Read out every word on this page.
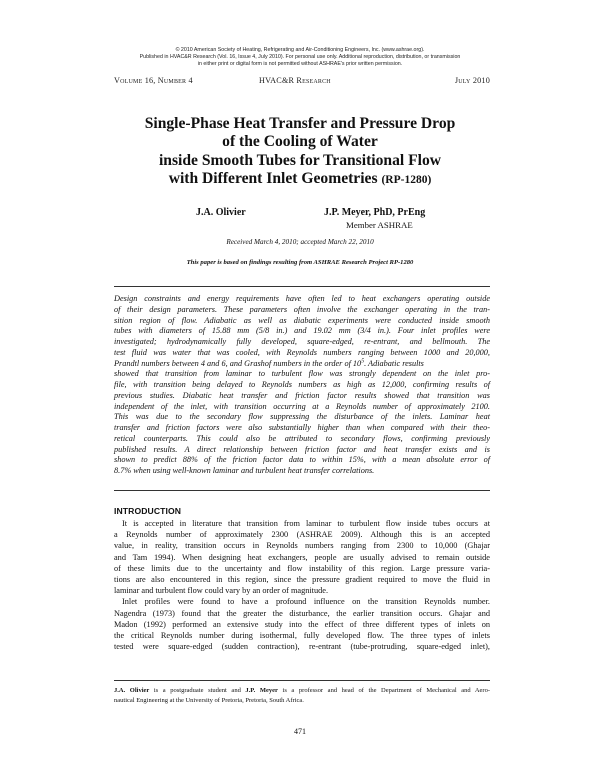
© 2010 American Society of Heating, Refrigerating and Air-Conditioning Engineers, Inc. (www.ashrae.org).
Published in HVAC&R Research (Vol. 16, Issue 4, July 2010). For personal use only. Additional reproduction, distribution, or transmission
in either print or digital form is not permitted without ASHRAE's prior written permission.
Volume 16, Number 4	HVAC&R Research	July 2010
Single-Phase Heat Transfer and Pressure Drop
of the Cooling of Water
inside Smooth Tubes for Transitional Flow
with Different Inlet Geometries (RP-1280)
J.A. Olivier	J.P. Meyer, PhD, PrEng
Member ASHRAE
Received March 4, 2010; accepted March 22, 2010
This paper is based on findings resulting from ASHRAE Research Project RP-1280
Design constraints and energy requirements have often led to heat exchangers operating outside
of their design parameters. These parameters often involve the exchanger operating in the tran-
sition region of flow. Adiabatic as well as diabatic experiments were conducted inside smooth
tubes with diameters of 15.88 mm (5/8 in.) and 19.02 mm (3/4 in.). Four inlet profiles were
investigated; hydrodynamically fully developed, square-edged, re-entrant, and bellmouth. The
test fluid was water that was cooled, with Reynolds numbers ranging between 1000 and 20,000,
Prandtl numbers between 4 and 6, and Grashof numbers in the order of $10^5$. Adiabatic results
showed that transition from laminar to turbulent flow was strongly dependent on the inlet pro-
file, with transition being delayed to Reynolds numbers as high as 12,000, confirming results of
previous studies. Diabatic heat transfer and friction factor results showed that transition was
independent of the inlet, with transition occurring at a Reynolds number of approximately 2100.
This was due to the secondary flow suppressing the disturbance of the inlets. Laminar heat
transfer and friction factors were also substantially higher than when compared with their theo-
retical counterparts. This could also be attributed to secondary flows, confirming previously
published results. A direct relationship between friction factor and heat transfer exists and is
shown to predict 88% of the friction factor data to within 15%, with a mean absolute error of
8.7% when using well-known laminar and turbulent heat transfer correlations.
INTRODUCTION
It is accepted in literature that transition from laminar to turbulent flow inside tubes occurs at
a Reynolds number of approximately 2300 (ASHRAE 2009). Although this is an accepted
value, in reality, transition occurs in Reynolds numbers ranging from 2300 to 10,000 (Ghajar
and Tam 1994). When designing heat exchangers, people are usually advised to remain outside
of these limits due to the uncertainty and flow instability of this region. Large pressure varia-
tions are also encountered in this region, since the pressure gradient required to move the fluid in
laminar and turbulent flow could vary by an order of magnitude.
Inlet profiles were found to have a profound influence on the transition Reynolds number.
Nagendra (1973) found that the greater the disturbance, the earlier transition occurs. Ghajar and
Madon (1992) performed an extensive study into the effect of three different types of inlets on
the critical Reynolds number during isothermal, fully developed flow. The three types of inlets
tested were square-edged (sudden contraction), re-entrant (tube-protruding, square-edged inlet),
J.A. Olivier is a postgraduate student and J.P. Meyer is a professor and head of the Department of Mechanical and Aero-
nautical Engineering at the University of Pretoria, Pretoria, South Africa.
471
